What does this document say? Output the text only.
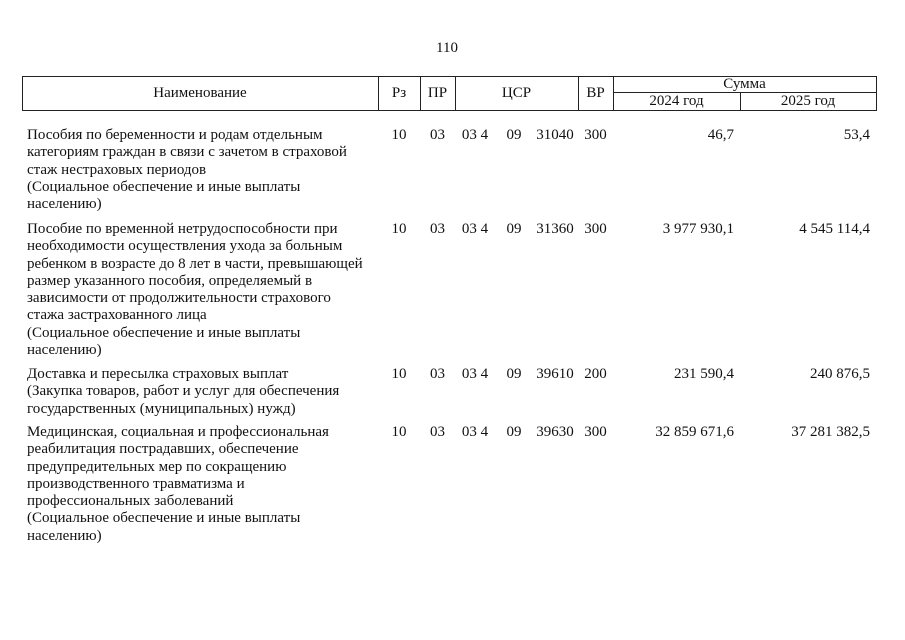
110
Наименование	Рз	ПР	ЦСР	ВР
Сумма
2024 год	2025 год
Пособия по беременности и родам отдельным
категориям граждан в связи с зачетом в страховой
стаж нестраховых периодов
(Социальное обеспечение и иные выплаты
населению)
10	03	03 4	09 31040 300	46,7	53,4
Пособие по временной нетрудоспособности при
необходимости осуществления ухода за больным
ребенком в возрасте до 8 лет в части, превышающей
размер указанного пособия, определяемый в
зависимости от продолжительности страхового
стажа застрахованного лица
(Социальное обеспечение и иные выплаты
населению)
10	03	03 4	09 31360 300	3 977 930,1	4 545 114,4
Доставка и пересылка страховых выплат
(Закупка товаров, работ и услуг для обеспечения
государственных (муниципальных) нужд)
10	03	03 4	09 39610 200	231 590,4	240 876,5
Медицинская, социальная и профессиональная
реабилитация пострадавших, обеспечение
предупредительных мер по сокращению
производственного травматизма и
профессиональных заболеваний
(Социальное обеспечение и иные выплаты
населению)
10	03	03 4	09 39630 300	32 859 671,6	37 281 382,5
